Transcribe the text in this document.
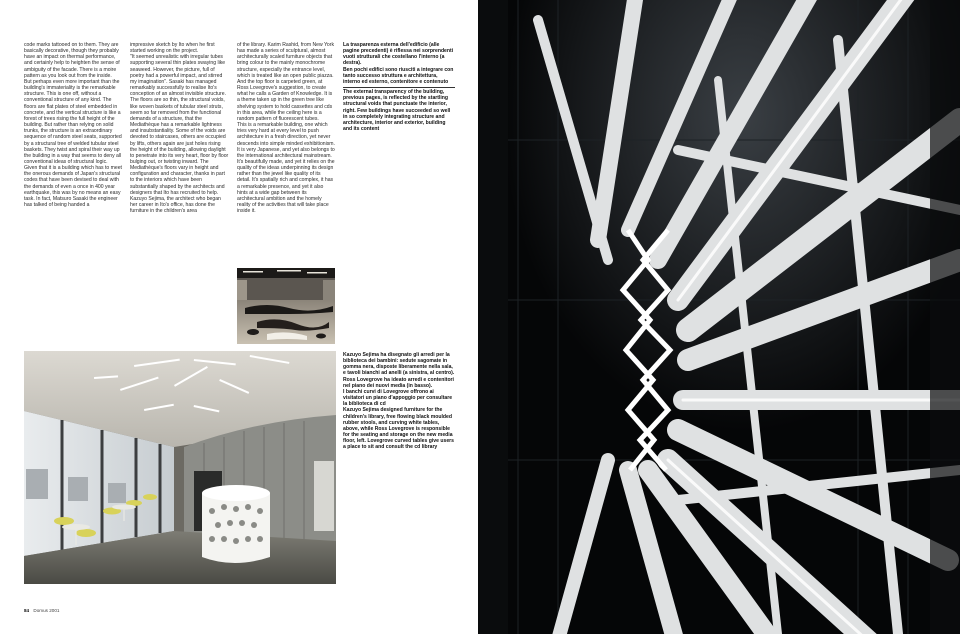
code marks tattooed on to them. They are basically decorative, though they probably have an impact on thermal performance, and certainly help to heighten the sense of ambiguity of the facade. There is a moire pattern as you look out from the inside.

But perhaps even more important than the building's immateriality is the remarkable structure. This is one off, without a conventional structure of any kind. The floors are flat plates of steel embedded in concrete, and the vertical structure is like a forest of trees rising the full height of the building. But rather than relying on solid trunks, the structure is an extraordinary sequence of random steel seats, supported by a structural tree of welded tubular steel baskets. They twist and spiral their way up the building in a way that seems to deny all conventional ideas of structural logic. Given that it is a building which has to meet the onerous demands of Japan's structural codes that have been devised to deal with the demands of even a once in 400 year earthquake, this was by no means an easy task. In fact, Matsuro Sasaki the engineer has talked of being handed a

impressive sketch by Ito when he first started working on the project.

"It seemed unrealistic with irregular tubes supporting several thin plates swaying like seaweed. However, the picture, full of poetry had a powerful impact, and stirred my imagination". Sasaki has managed remarkably successfully to realise Ito's conception of an almost invisible structure.

The floors are so thin, the structural voids, like woven baskets of tubular steel struts, seem so far removed from the functional demands of a structure, that the Mediathèque has a remarkable lightness and insubstantiality. Some of the voids are devoted to staircases, others are occupied by lifts, others again are just holes rising the height of the building, allowing daylight to penetrate into its very heart, floor by floor bulging out, or twisting inward. The Mediathèque's floors vary in height and configuration and character, thanks in part to the interiors which have been substantially shaped by the architects and designers that Ito has recruited to help. Kazuyo Sejima, the architect who began her career in Ito's office, has done the furniture in the children's area

of the library. Karim Rashid, from New York has made a series of sculptural, almost architecturally scaled furniture objects that bring colour to the mainly monochrome structure, especially the entrance level, which is treated like an open public piazza. And the top floor is carpeted green, at Ross Lovegrove's suggestion, to create what he calls a Garden of Knowledge. It is a theme taken up in the green tree like shelving system to hold cassettes and cds in this area, while the ceiling here is a random pattern of fluorescent tubes.

This is a remarkable building, one which tries very hard at every level to push architecture in a fresh direction, yet never descends into simple minded exhibitionism. It is very Japanese, and yet also belongs to the international architectural mainstream. It's beautifully made, and yet it relies on the quality of the ideas underpinning its design rather than the jewel like quality of its detail. It's spatially rich and complex, it has a remarkable presence, and yet it also hints at a wide gap between its architectural ambition and the homely reality of the activities that will take place inside it.

La trasparenza esterna dell'edificio (alle pagine precedenti) è riflessa nei sorprendenti vuoti strutturali che costellano l'interno (a destra).

Ben pochi edifici sono riusciti a integrare con tanto successo struttura e architettura, interno ed esterno, contenitore e contenuto

The external transparency of the building, previous pages, is reflected by the startling structural voids that punctuate the interior, right. Few buildings have succeeded so well in so completely integrating structure and architecture, interior and exterior, building and its content

Kazuyo Sejima ha disegnato gli arredi per la biblioteca dei bambini: sedute sagomate in gomma nera, disposte liberamente nella sala, e tavoli bianchi ad anelli (a sinistra, al centro). Ross Lovegrove ha ideato arredi e contenitori nel piano dei nuovi media (in basso).

I banchi curvi di Lovegrove offrono ai visitatori un piano d'appoggio per consultare la biblioteca di cd

Kazuyo Sejima designed furniture for the children's library, free flowing black moulded rubber stools, and curving white tables, above, while Ross Lovegrove is responsible for the seating and storage on the new media floor, left. Lovegrove curved tables give users a place to sit and consult the cd library

84 Domus 2001
